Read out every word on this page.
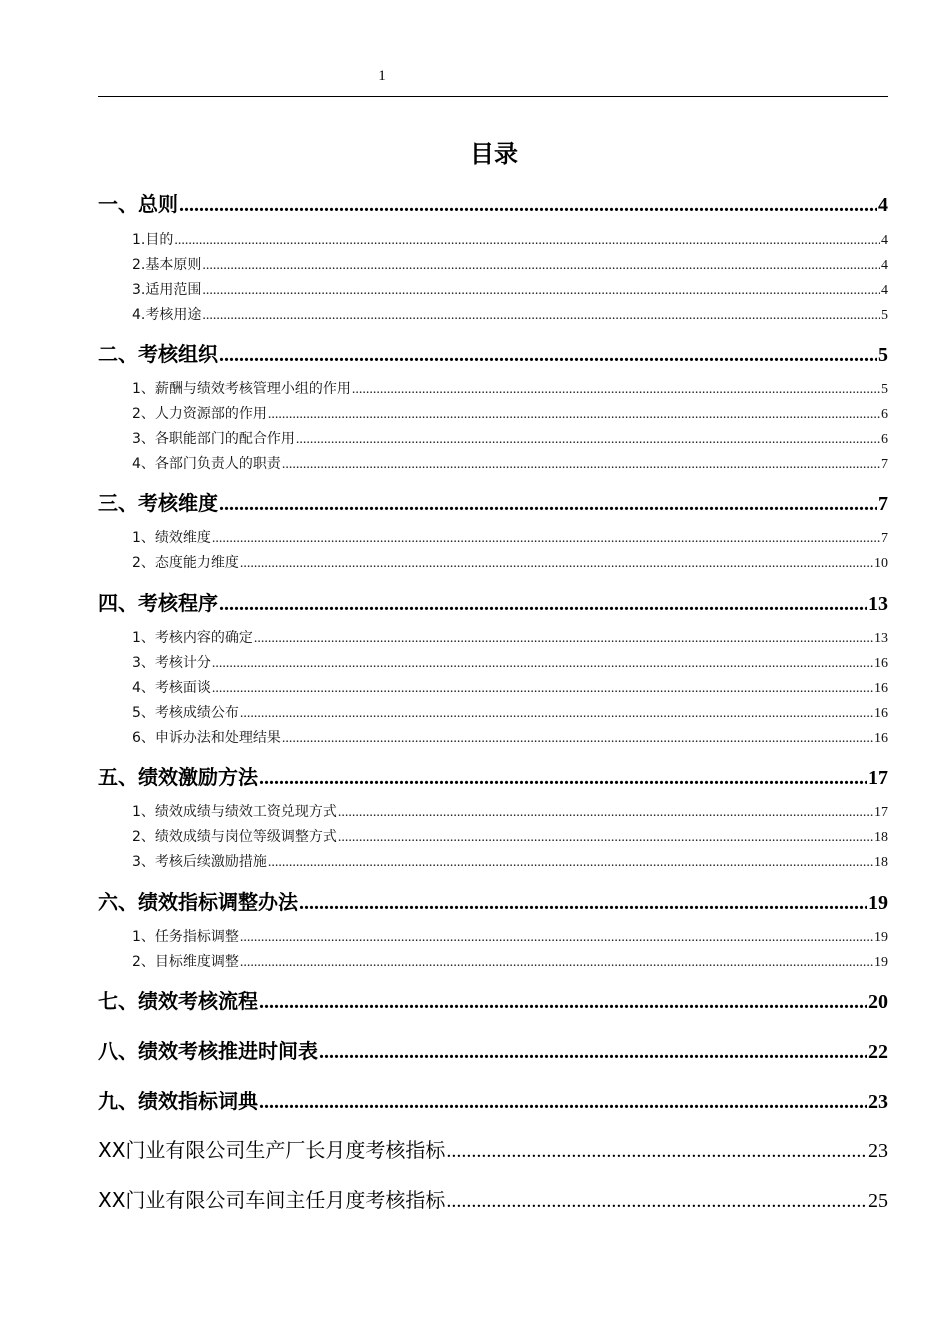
1
目录
一、总则 .....	4
1.目的 .....	4
2.基本原则 .....	4
3.适用范围 .....	4
4.考核用途 .....	5
二、考核组织 .....	5
1、薪酬与绩效考核管理小组的作用 .....	5
2、人力资源部的作用 .....	6
3、各职能部门的配合作用 .....	6
4、各部门负责人的职责 .....	7
三、考核维度 .....	7
1、绩效维度 .....	7
2、态度能力维度 .....	10
四、考核程序 .....	13
1、考核内容的确定 .....	13
3、考核计分 .....	16
4、考核面谈 .....	16
5、考核成绩公布 .....	16
6、申诉办法和处理结果 .....	16
五、绩效激励方法 .....	17
1、绩效成绩与绩效工资兑现方式 .....	17
2、绩效成绩与岗位等级调整方式 .....	18
3、考核后续激励措施 .....	18
六、绩效指标调整办法 .....	19
1、任务指标调整 .....	19
2、目标维度调整 .....	19
七、绩效考核流程 .....	20
八、绩效考核推进时间表 .....	22
九、绩效指标词典 .....	23
XX门业有限公司生产厂长月度考核指标 .....	23
XX门业有限公司车间主任月度考核指标 .....	25
